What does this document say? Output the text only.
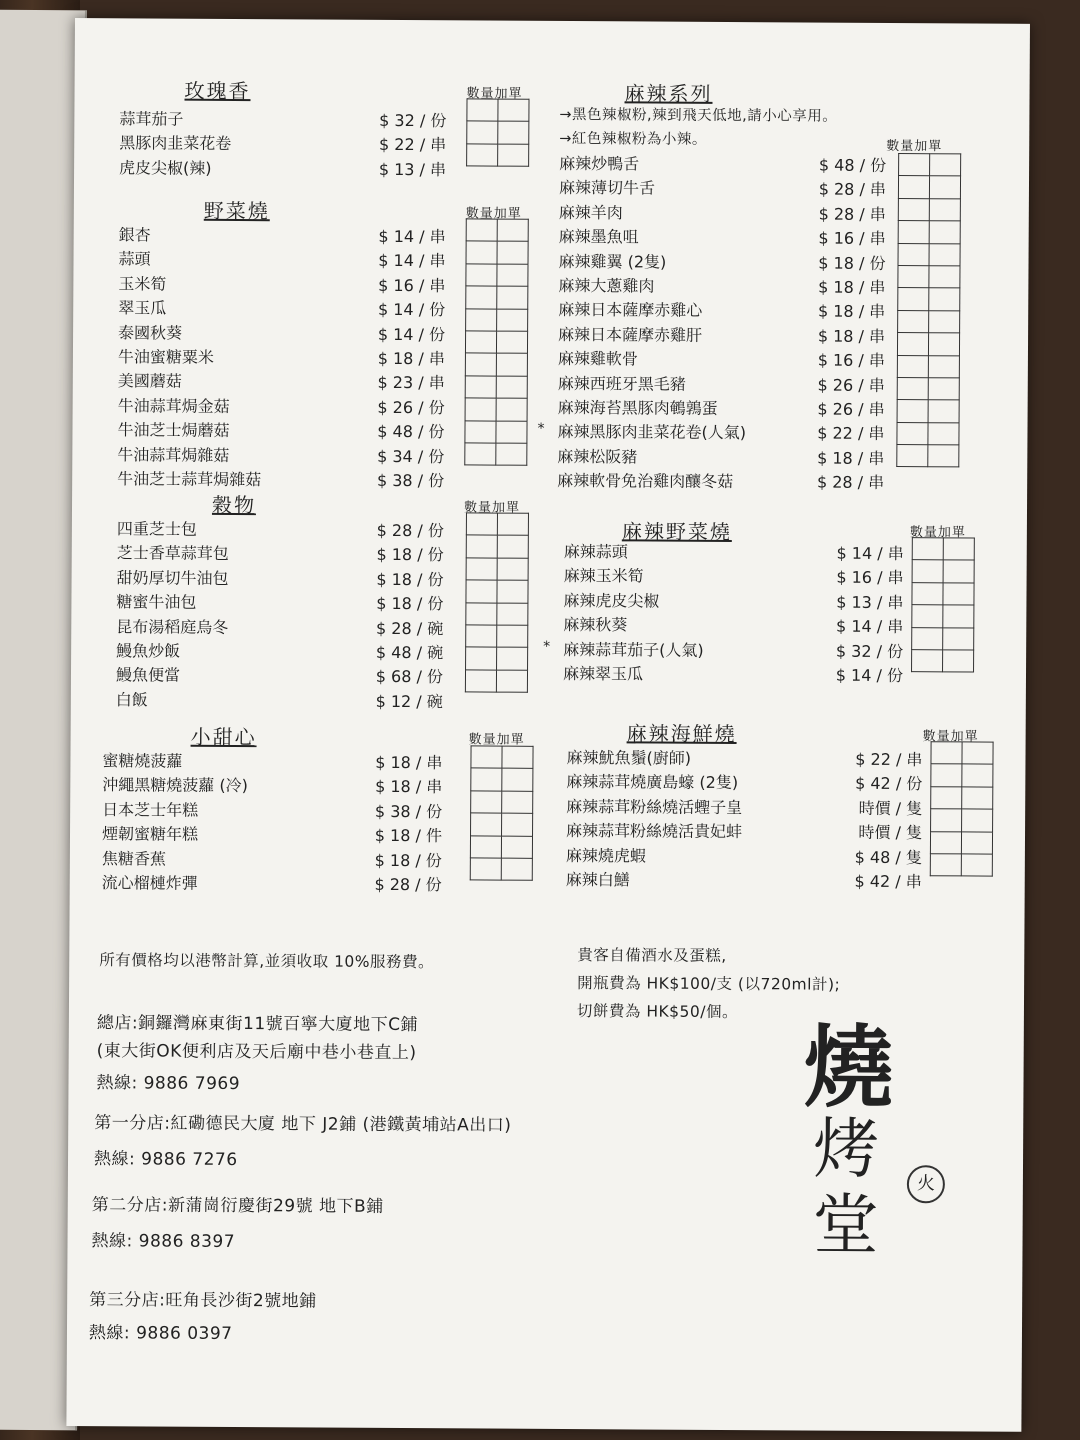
所有價格均以港幣計算,並須收取 10%服務費。	貴客自備酒水及蛋糕,
開瓶費為 HK$100/支 (以720ml計);
切餅費為 HK$50/個。
總店:銅鑼灣麻東街11號百寧大廈地下C鋪
(東大街OK便利店及天后廟中巷小巷直上)
熱線: 9886 7969
第一分店:紅磡德民大廈 地下 J2鋪 (港鐵黃埔站A出口)
熱線: 9886 7276
第二分店:新蒲崗衍慶街29號 地下B鋪
熱線: 9886 8397
第三分店:旺角長沙街2號地鋪
熱線: 9886 0397
燒
烤
堂
火
玫瑰香	數量加單
蒜茸茄子	$ 32 / 份
黑豚肉韭菜花卷	$ 22 / 串
虎皮尖椒(辣)	$ 13 / 串

野菜燒	數量加單
銀杏	$ 14 / 串
蒜頭	$ 14 / 串
玉米筍	$ 16 / 串
翠玉瓜	$ 14 / 份
泰國秋葵	$ 14 / 份
牛油蜜糖粟米	$ 18 / 串
美國蘑菇	$ 23 / 串
牛油蒜茸焗金菇	$ 26 / 份
牛油芝士焗蘑菇	$ 48 / 份
牛油蒜茸焗雜菇	$ 34 / 份
牛油芝士蒜茸焗雜菇	$ 38 / 份

穀物	數量加單
四重芝士包	$ 28 / 份
芝士香草蒜茸包	$ 18 / 份
甜奶厚切牛油包	$ 18 / 份
糖蜜牛油包	$ 18 / 份
昆布湯稻庭烏冬	$ 28 / 碗
鰻魚炒飯	$ 48 / 碗
鰻魚便當	$ 68 / 份
白飯	$ 12 / 碗

小甜心	數量加單
蜜糖燒菠蘿	$ 18 / 串
沖繩黑糖燒菠蘿 (冷)	$ 18 / 串
日本芝士年糕	$ 38 / 份
煙韌蜜糖年糕	$ 18 / 件
焦糖香蕉	$ 18 / 份
流心榴槤炸彈	$ 28 / 份

麻辣系列
數量加單
→黑色辣椒粉,辣到飛天低地,請小心享用。
→紅色辣椒粉為小辣。
麻辣炒鴨舌	$ 48 / 份
麻辣薄切牛舌	$ 28 / 串
麻辣羊肉	$ 28 / 串
麻辣墨魚咀	$ 16 / 串
麻辣雞翼 (2隻)	$ 18 / 份
麻辣大蔥雞肉	$ 18 / 串
麻辣日本薩摩赤雞心	$ 18 / 串
麻辣日本薩摩赤雞肝	$ 18 / 串
麻辣雞軟骨	$ 16 / 串
麻辣西班牙黑毛豬	$ 26 / 串
麻辣海苔黑豚肉鵪鶉蛋	$ 26 / 串
* 麻辣黑豚肉韭菜花卷(人氣)	$ 22 / 串
麻辣松阪豬	$ 18 / 串
麻辣軟骨免治雞肉釀冬菇	$ 28 / 串

麻辣野菜燒	數量加單
麻辣蒜頭	$ 14 / 串
麻辣玉米筍	$ 16 / 串
麻辣虎皮尖椒	$ 13 / 串
麻辣秋葵	$ 14 / 串
* 麻辣蒜茸茄子(人氣)	$ 32 / 份
麻辣翠玉瓜	$ 14 / 份

麻辣海鮮燒	數量加單
麻辣魷魚鬚(廚師)	$ 22 / 串
麻辣蒜茸燒廣島蠔 (2隻)	$ 42 / 份
麻辣蒜茸粉絲燒活蟶子皇	時價 / 隻
麻辣蒜茸粉絲燒活貴妃蚌	時價 / 隻
麻辣燒虎蝦	$ 48 / 隻
麻辣白鱔	$ 42 / 串
